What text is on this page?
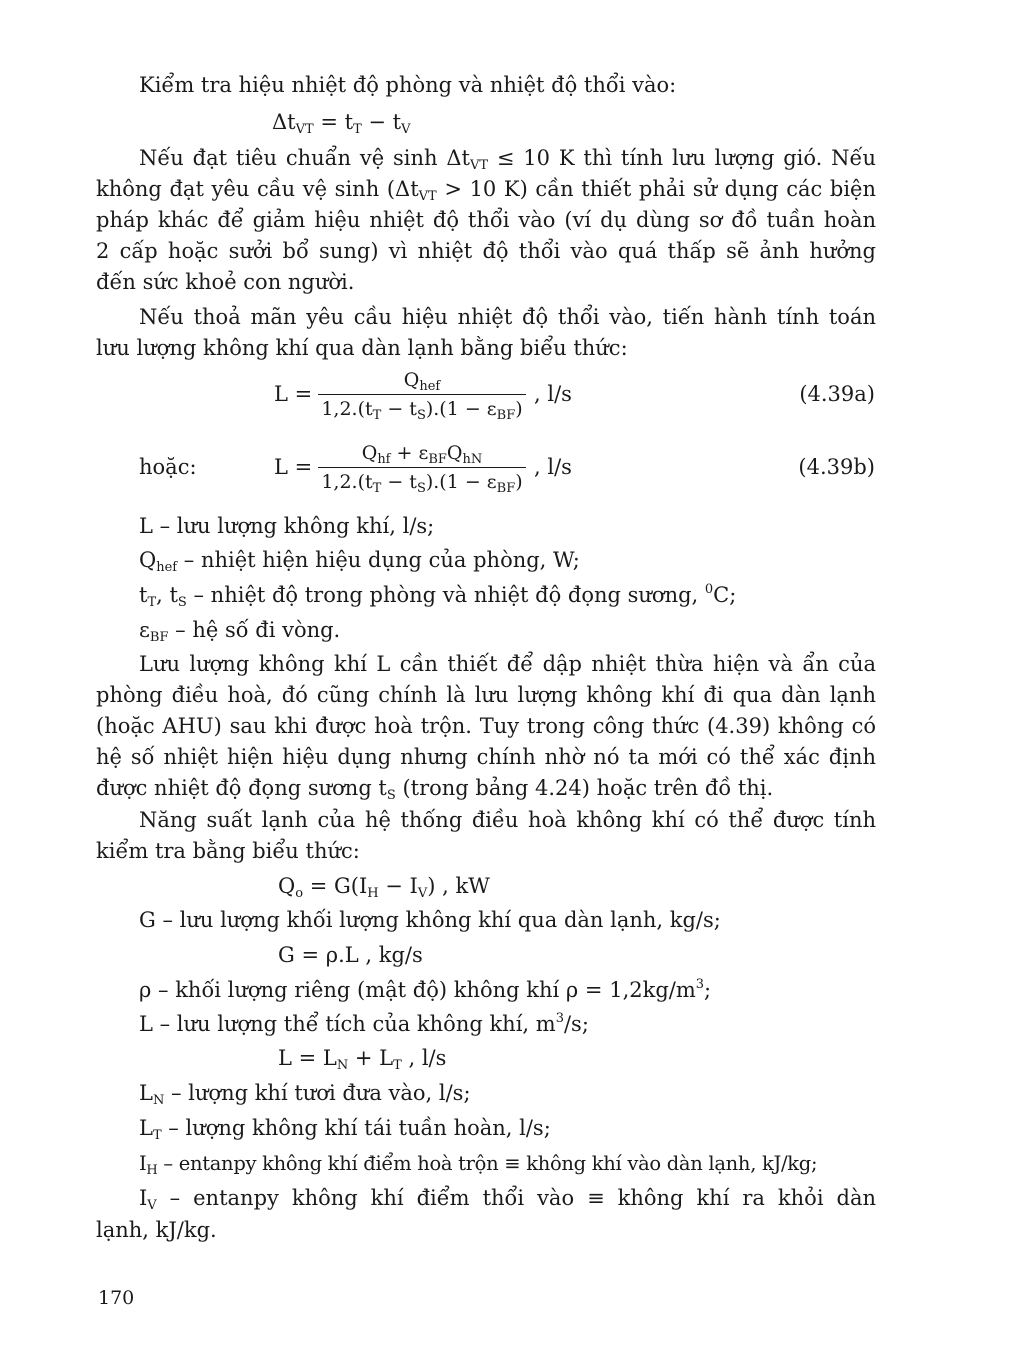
Kiểm tra hiệu nhiệt độ phòng và nhiệt độ thổi vào:
$\Delta t_{VT} = t_T - t_V$
Nếu đạt tiêu chuẩn vệ $\sinh \Delta t_{VT} \le 10$ K thì tính lưu lượng gió. Nếu
không đạt yêu cầu vệ $\sinh (\Delta t_{VT} > 10$ K) cần thiết phải sử dụng các biện
pháp khác để giảm hiệu nhiệt độ thổi vào (ví dụ dùng sơ đồ tuần hoàn
2 cấp hoặc sưởi bổ sung) vì nhiệt độ thổi vào quá thấp sẽ ảnh hưởng
đến sức khoẻ con người.
Nếu thoả mãn yêu cầu hiệu nhiệt độ thổi vào, tiến hành tính toán
lưu lượng không khí qua dàn lạnh bằng biểu thức:
L =
$Q_{hef}$
$1,2.(t_T - t_S).(1 - \varepsilon_{BF})$
, l/s	(4.39a)
hoặc:	L =
$Q_{hf} + \varepsilon_{BF}Q_{hN}$
$1,2.(t_T - t_S).(1 - \varepsilon_{BF})$
, l/s	(4.39b)
L – lưu lượng không khí, l/s;
$Q_{hef}$ – nhiệt hiện hiệu dụng của phòng, W;
$t_T$, $t_S$ – nhiệt độ trong phòng và nhiệt độ đọng sương, $^0$C;
$\varepsilon_{BF}$ – hệ số đi vòng.
Lưu lượng không khí L cần thiết để dập nhiệt thừa hiện và ẩn của
phòng điều hoà, đó cũng chính là lưu lượng không khí đi qua dàn lạnh
(hoặc AHU) sau khi được hoà trộn. Tuy trong công thức (4.39) không có
hệ số nhiệt hiện hiệu dụng nhưng chính nhờ nó ta mới có thể xác định
được nhiệt độ đọng sương $t_S$ (trong bảng 4.24) hoặc trên đồ thị.
Năng suất lạnh của hệ thống điều hoà không khí có thể được tính
kiểm tra bằng biểu thức:
$Q_o = G(I_H - I_V)$ , kW
G – lưu lượng khối lượng không khí qua dàn lạnh, kg/s;
G = ρ.L , kg/s
ρ – khối lượng riêng (mật độ) không khí $\rho = 1,2kg/m^3$;
L – lưu lượng thể tích của không khí, $m^3/s$;
$L = L_N + L_T$ , l/s
$L_N$ – lượng khí tươi đưa vào, l/s;
$L_T$ – lượng không khí tái tuần hoàn, l/s;
$I_H$ – entanpy không khí điểm hoà trộn ≡ không khí vào dàn lạnh, kJ/kg;
$I_V$ – entanpy không khí điểm thổi vào ≡ không khí ra khỏi dàn
lạnh, kJ/kg.
170
